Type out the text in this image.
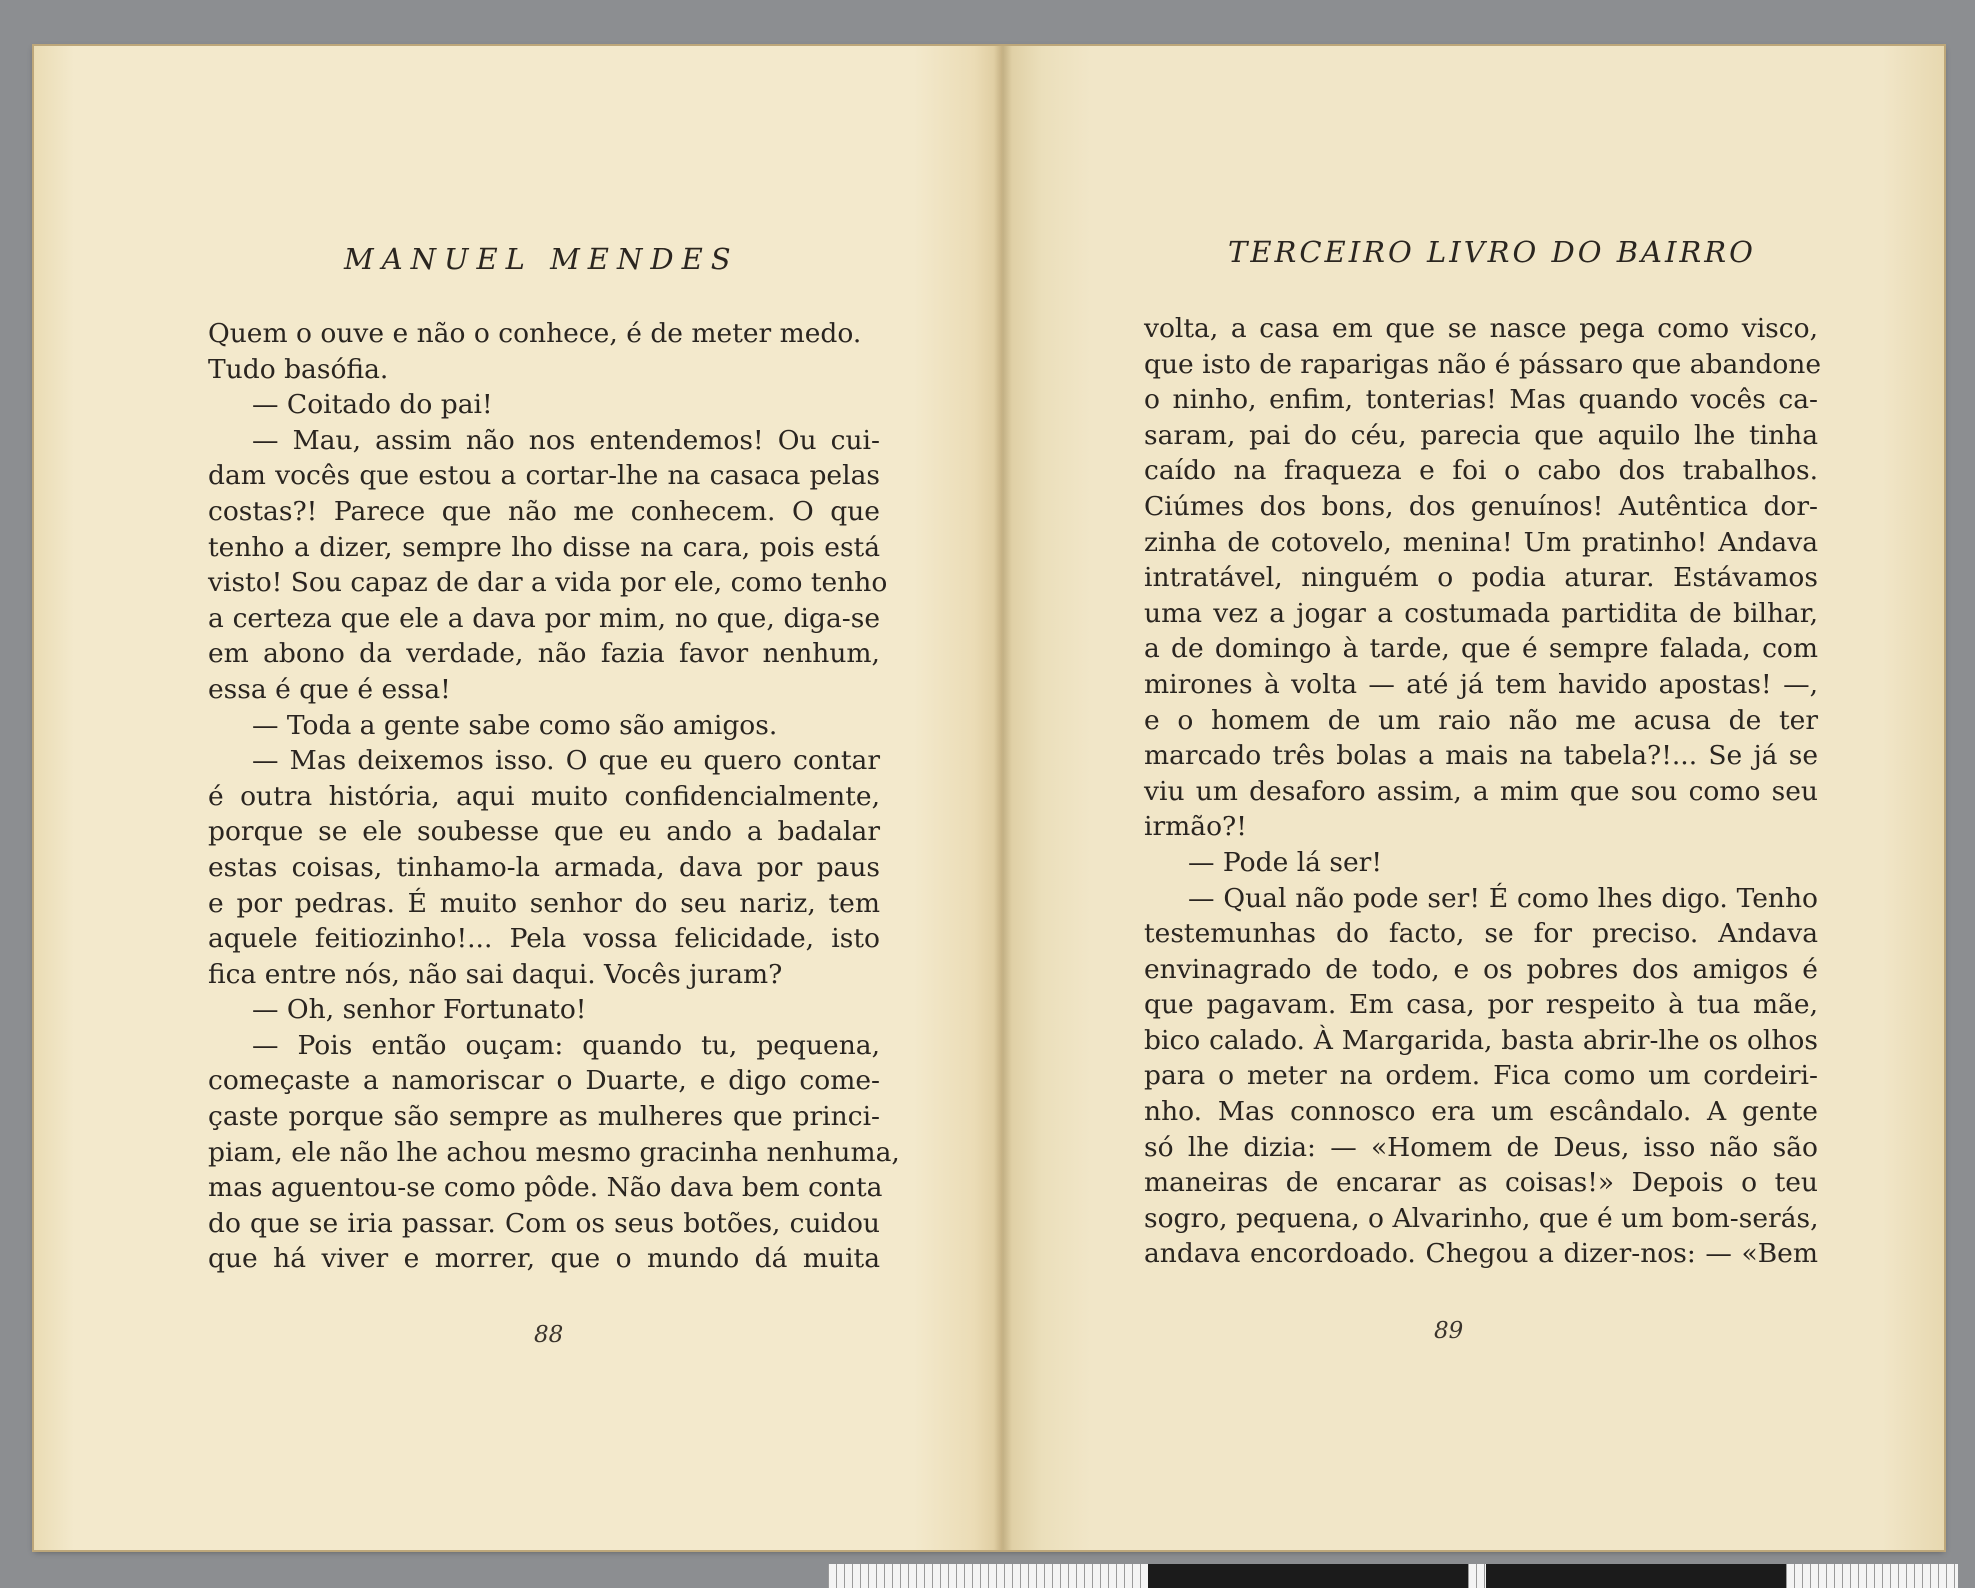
MANUEL MENDES
Quem o ouve e não o conhece, é de meter medo.
Tudo basófia.
— Coitado do pai!
— Mau, assim não nos entendemos! Ou cui-
dam vocês que estou a cortar-lhe na casaca pelas
costas?! Parece que não me conhecem. O que
tenho a dizer, sempre lho disse na cara, pois está
visto! Sou capaz de dar a vida por ele, como tenho
a certeza que ele a dava por mim, no que, diga-se
em abono da verdade, não fazia favor nenhum,
essa é que é essa!
— Toda a gente sabe como são amigos.
— Mas deixemos isso. O que eu quero contar
é outra história, aqui muito confidencialmente,
porque se ele soubesse que eu ando a badalar
estas coisas, tinhamo-la armada, dava por paus
e por pedras. É muito senhor do seu nariz, tem
aquele feitiozinho!... Pela vossa felicidade, isto
fica entre nós, não sai daqui. Vocês juram?
— Oh, senhor Fortunato!
— Pois então ouçam: quando tu, pequena,
começaste a namoriscar o Duarte, e digo come-
çaste porque são sempre as mulheres que princi-
piam, ele não lhe achou mesmo gracinha nenhuma,
mas aguentou-se como pôde. Não dava bem conta
do que se iria passar. Com os seus botões, cuidou
que há viver e morrer, que o mundo dá muita
88
TERCEIRO LIVRO DO BAIRRO
volta, a casa em que se nasce pega como visco,
que isto de raparigas não é pássaro que abandone
o ninho, enfim, tonterias! Mas quando vocês ca-
saram, pai do céu, parecia que aquilo lhe tinha
caído na fraqueza e foi o cabo dos trabalhos.
Ciúmes dos bons, dos genuínos! Autêntica dor-
zinha de cotovelo, menina! Um pratinho! Andava
intratável, ninguém o podia aturar. Estávamos
uma vez a jogar a costumada partidita de bilhar,
a de domingo à tarde, que é sempre falada, com
mirones à volta — até já tem havido apostas! —,
e o homem de um raio não me acusa de ter
marcado três bolas a mais na tabela?!... Se já se
viu um desaforo assim, a mim que sou como seu
irmão?!
— Pode lá ser!
— Qual não pode ser! É como lhes digo. Tenho
testemunhas do facto, se for preciso. Andava
envinagrado de todo, e os pobres dos amigos é
que pagavam. Em casa, por respeito à tua mãe,
bico calado. À Margarida, basta abrir-lhe os olhos
para o meter na ordem. Fica como um cordeiri-
nho. Mas connosco era um escândalo. A gente
só lhe dizia: — «Homem de Deus, isso não são
maneiras de encarar as coisas!» Depois o teu
sogro, pequena, o Alvarinho, que é um bom-serás,
andava encordoado. Chegou a dizer-nos: — «Bem
89
